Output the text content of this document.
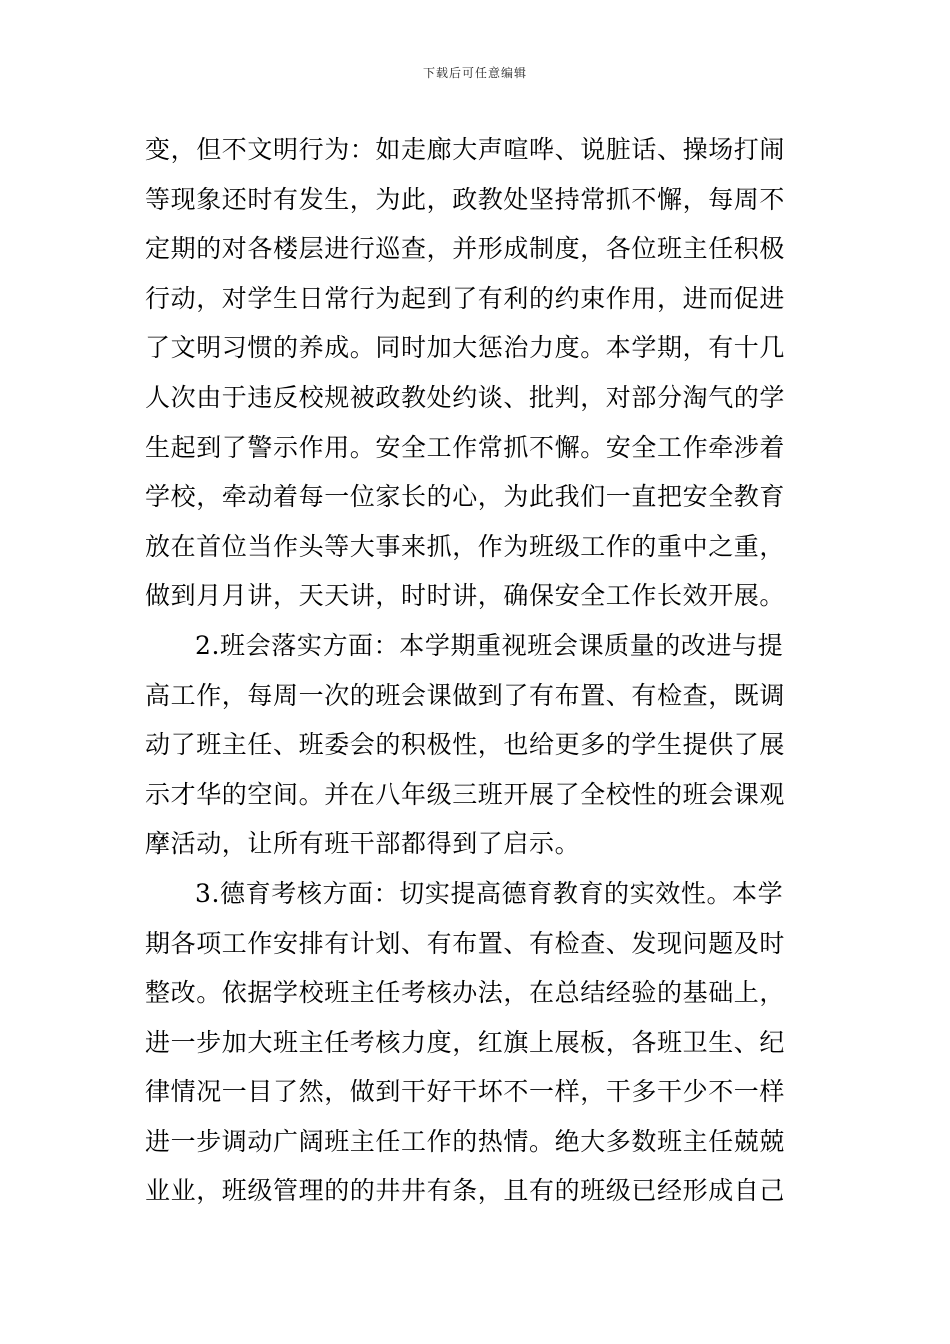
下载后可任意编辑
变，但不文明行为：如走廊大声喧哗、说脏话、操场打闹
等现象还时有发生，为此，政教处坚持常抓不懈，每周不
定期的对各楼层进行巡查，并形成制度，各位班主任积极
行动，对学生日常行为起到了有利的约束作用，进而促进
了文明习惯的养成。同时加大惩治力度。本学期，有十几
人次由于违反校规被政教处约谈、批判，对部分淘气的学
生起到了警示作用。安全工作常抓不懈。安全工作牵涉着
学校，牵动着每一位家长的心，为此我们一直把安全教育
放在首位当作头等大事来抓，作为班级工作的重中之重，
做到月月讲，天天讲，时时讲，确保安全工作长效开展。
2.班会落实方面：本学期重视班会课质量的改进与提
高工作，每周一次的班会课做到了有布置、有检查，既调
动了班主任、班委会的积极性，也给更多的学生提供了展
示才华的空间。并在八年级三班开展了全校性的班会课观
摩活动，让所有班干部都得到了启示。
3.德育考核方面：切实提高德育教育的实效性。本学
期各项工作安排有计划、有布置、有检查、发现问题及时
整改。依据学校班主任考核办法，在总结经验的基础上，
进一步加大班主任考核力度，红旗上展板，各班卫生、纪
律情况一目了然，做到干好干坏不一样，干多干少不一样
进一步调动广阔班主任工作的热情。绝大多数班主任兢兢
业业，班级管理的的井井有条，且有的班级已经形成自己
